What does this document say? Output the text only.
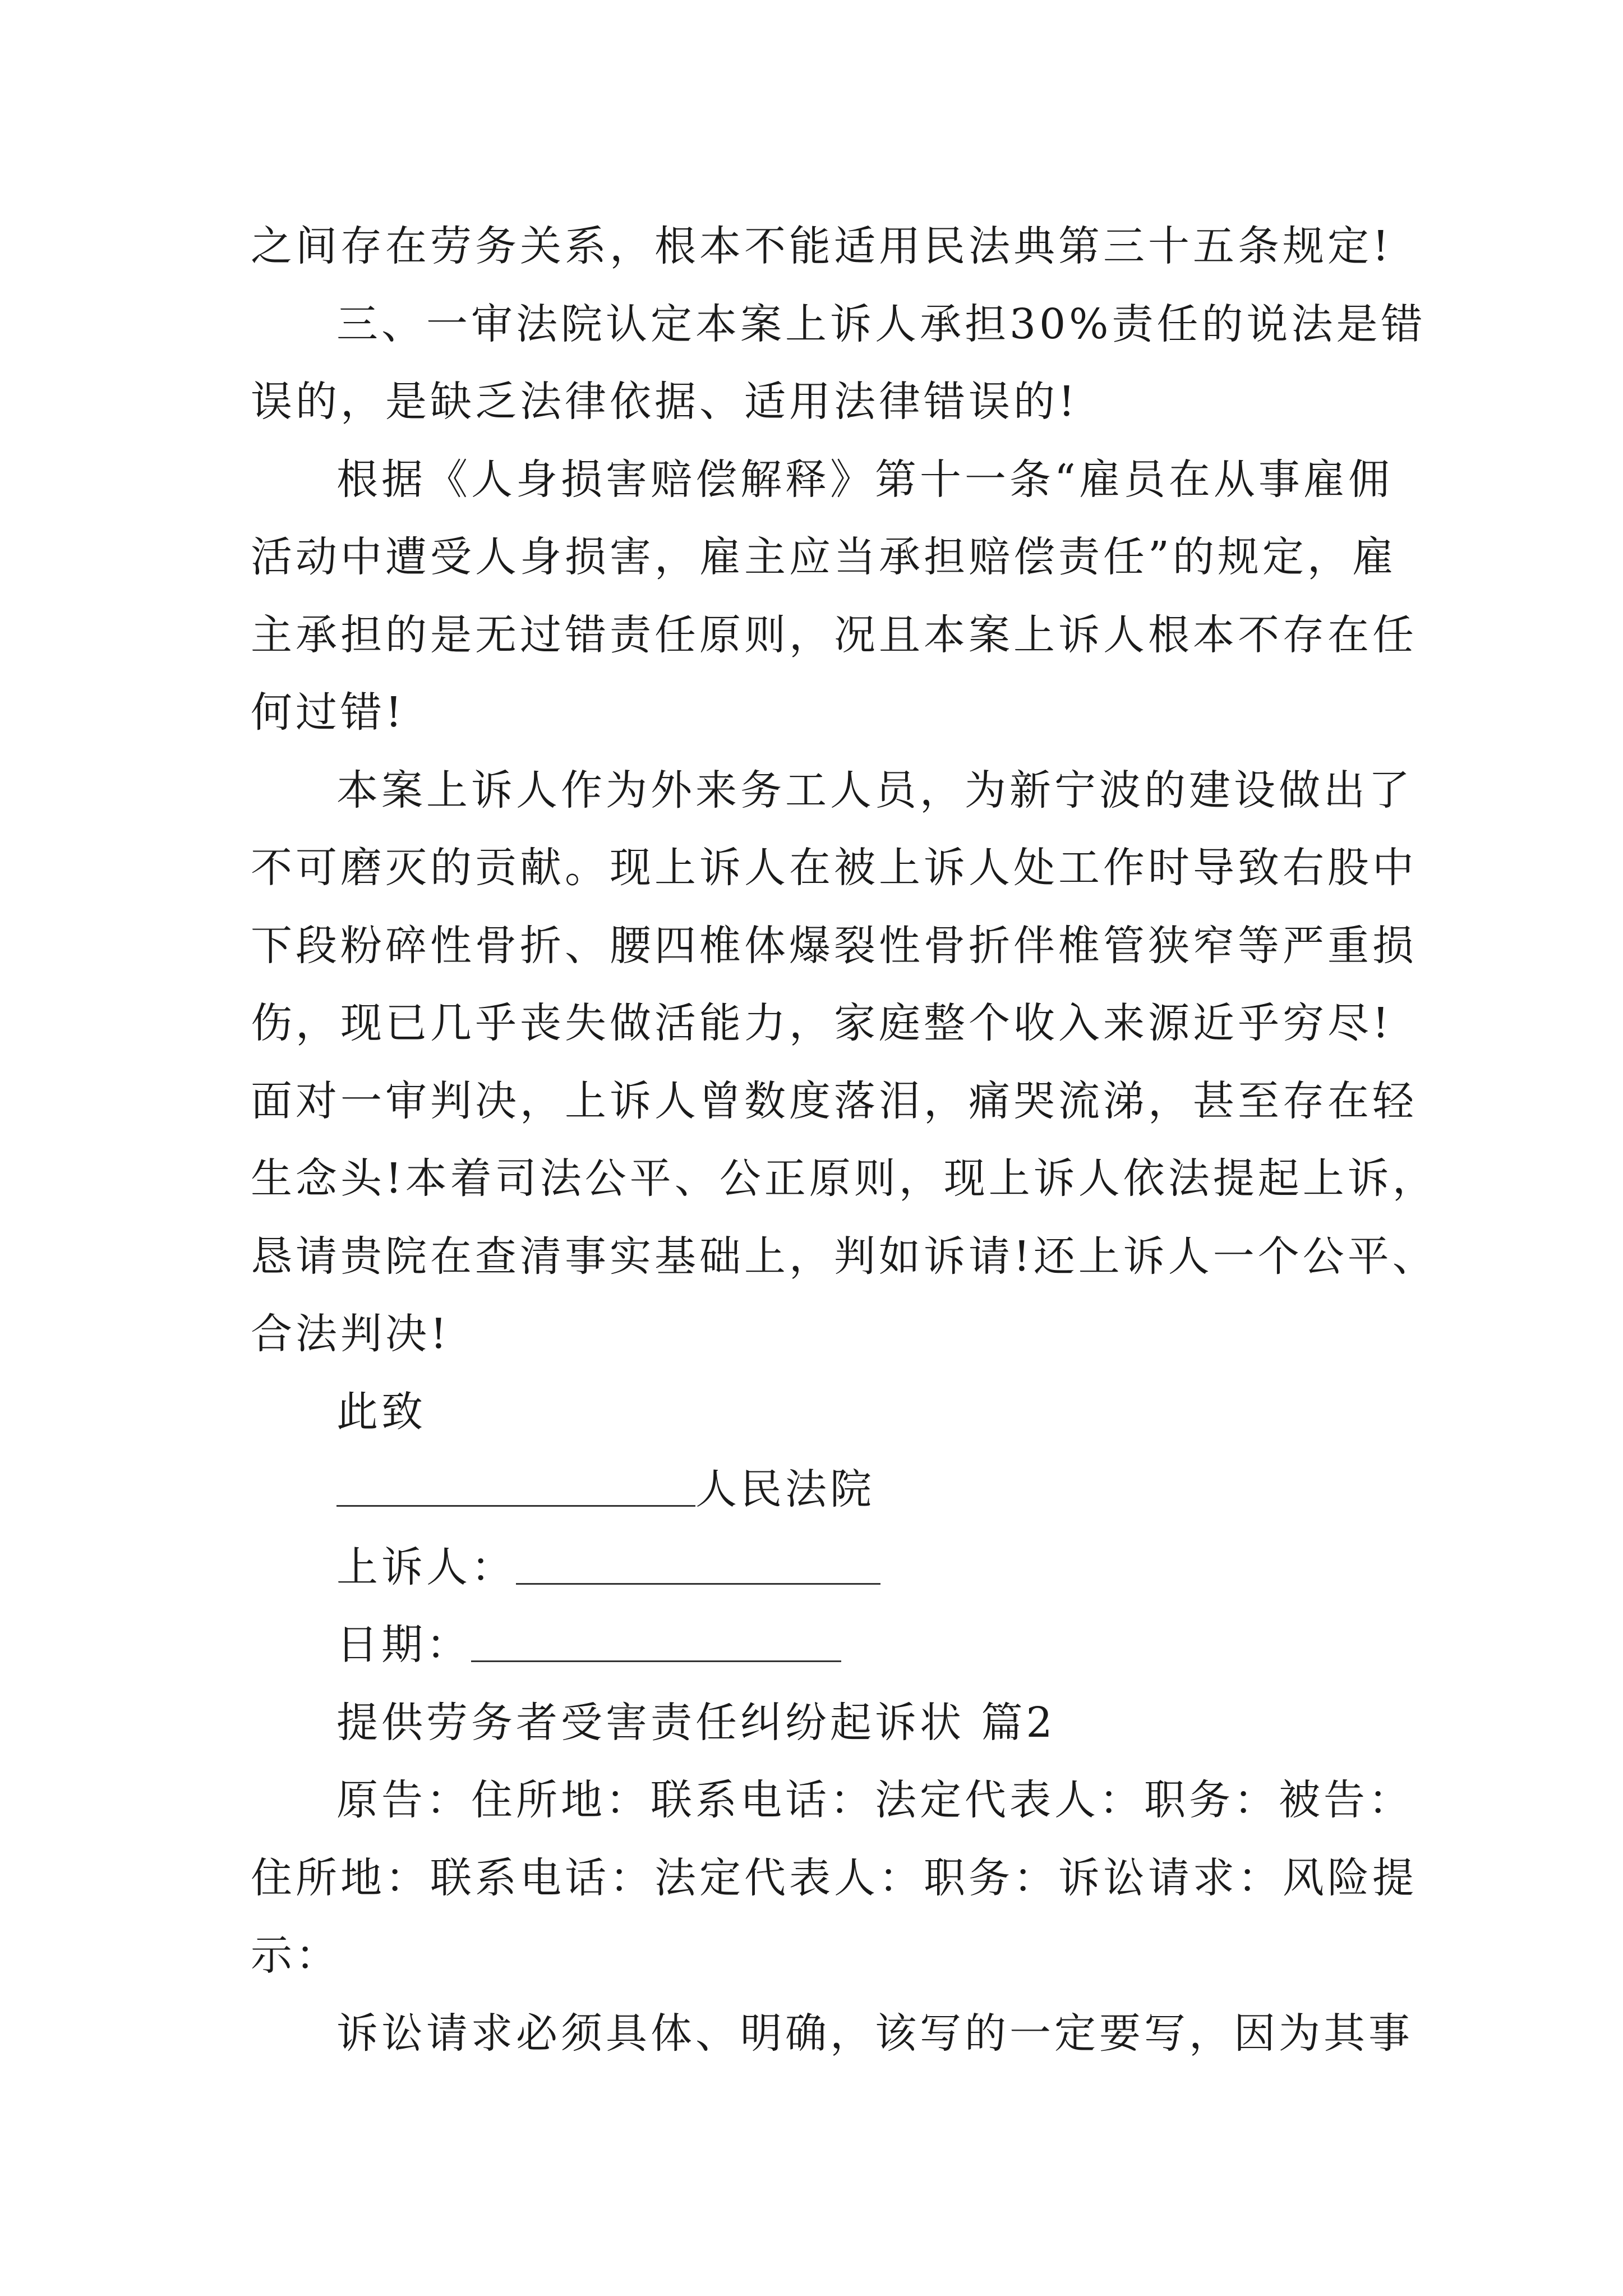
之间存在劳务关系，根本不能适用民法典第三十五条规定!
三、一审法院认定本案上诉人承担30%责任的说法是错
误的，是缺乏法律依据、适用法律错误的!
根据《人身损害赔偿解释》第十一条“雇员在从事雇佣
活动中遭受人身损害，雇主应当承担赔偿责任”的规定，雇
主承担的是无过错责任原则，况且本案上诉人根本不存在任
何过错!
本案上诉人作为外来务工人员，为新宁波的建设做出了
不可磨灭的贡献。现上诉人在被上诉人处工作时导致右股中
下段粉碎性骨折、腰四椎体爆裂性骨折伴椎管狭窄等严重损
伤，现已几乎丧失做活能力，家庭整个收入来源近乎穷尽!
面对一审判决，上诉人曾数度落泪，痛哭流涕，甚至存在轻
生念头!本着司法公平、公正原则，现上诉人依法提起上诉，
恳请贵院在查清事实基础上，判如诉请!还上诉人一个公平、
合法判决!
此致
人民法院
上诉人：
日期：
提供劳务者受害责任纠纷起诉状 篇2
原告：住所地：联系电话：法定代表人：职务：被告：
住所地：联系电话：法定代表人：职务：诉讼请求：风险提
示：
诉讼请求必须具体、明确，该写的一定要写，因为其事
